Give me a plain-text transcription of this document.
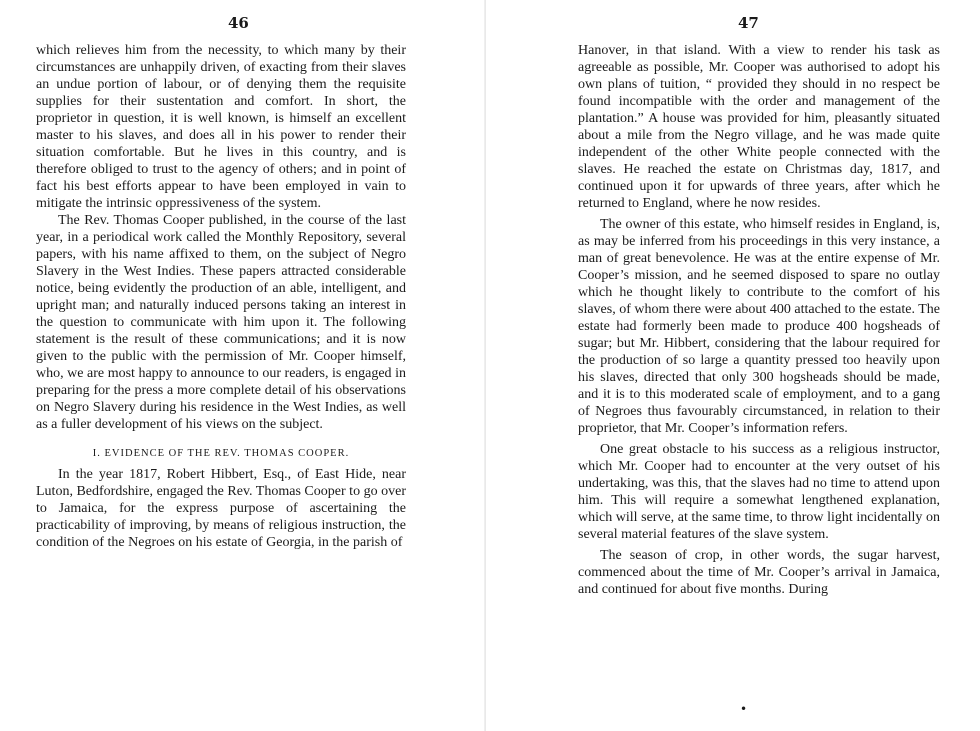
46

which relieves him from the necessity, to which many by their circumstances are unhappily driven, of exacting from their slaves an undue portion of labour, or of denying them the requisite supplies for their sustentation and comfort. In short, the proprietor in question, it is well known, is himself an excellent master to his slaves, and does all in his power to render their situation comfortable. But he lives in this country, and is therefore obliged to trust to the agency of others; and in point of fact his best efforts appear to have been employed in vain to mitigate the intrinsic oppressiveness of the system.

The Rev. Thomas Cooper published, in the course of the last year, in a periodical work called the Monthly Repository, several papers, with his name affixed to them, on the subject of Negro Slavery in the West Indies. These papers attracted considerable notice, being evidently the production of an able, intelligent, and upright man; and naturally induced persons taking an interest in the question to communicate with him upon it. The following statement is the result of these communications; and it is now given to the public with the permission of Mr. Cooper himself, who, we are most happy to announce to our readers, is engaged in preparing for the press a more complete detail of his observations on Negro Slavery during his residence in the West Indies, as well as a fuller development of his views on the subject.

I. EVIDENCE OF THE REV. THOMAS COOPER.

In the year 1817, Robert Hibbert, Esq., of East Hide, near Luton, Bedfordshire, engaged the Rev. Thomas Cooper to go over to Jamaica, for the express purpose of ascertaining the practicability of improving, by means of religious instruction, the condition of the Negroes on his estate of Georgia, in the parish of

47

Hanover, in that island. With a view to render his task as agreeable as possible, Mr. Cooper was authorised to adopt his own plans of tuition, “ provided they should in no respect be found incompatible with the order and management of the plantation.” A house was provided for him, pleasantly situated about a mile from the Negro village, and he was made quite independent of the other White people connected with the slaves. He reached the estate on Christmas day, 1817, and continued upon it for upwards of three years, after which he returned to England, where he now resides.

The owner of this estate, who himself resides in England, is, as may be inferred from his proceedings in this very instance, a man of great benevolence. He was at the entire expense of Mr. Cooper’s mission, and he seemed disposed to spare no outlay which he thought likely to contribute to the comfort of his slaves, of whom there were about 400 attached to the estate. The estate had formerly been made to produce 400 hogsheads of sugar; but Mr. Hibbert, considering that the labour required for the production of so large a quantity pressed too heavily upon his slaves, directed that only 300 hogsheads should be made, and it is to this moderated scale of employment, and to a gang of Negroes thus favourably circumstanced, in relation to their proprietor, that Mr. Cooper’s information refers.

One great obstacle to his success as a religious instructor, which Mr. Cooper had to encounter at the very outset of his undertaking, was this, that the slaves had no time to attend upon him. This will require a somewhat lengthened explanation, which will serve, at the same time, to throw light incidentally on several material features of the slave system.

The season of crop, in other words, the sugar harvest, commenced about the time of Mr. Cooper’s arrival in Jamaica, and continued for about five months. During

•
